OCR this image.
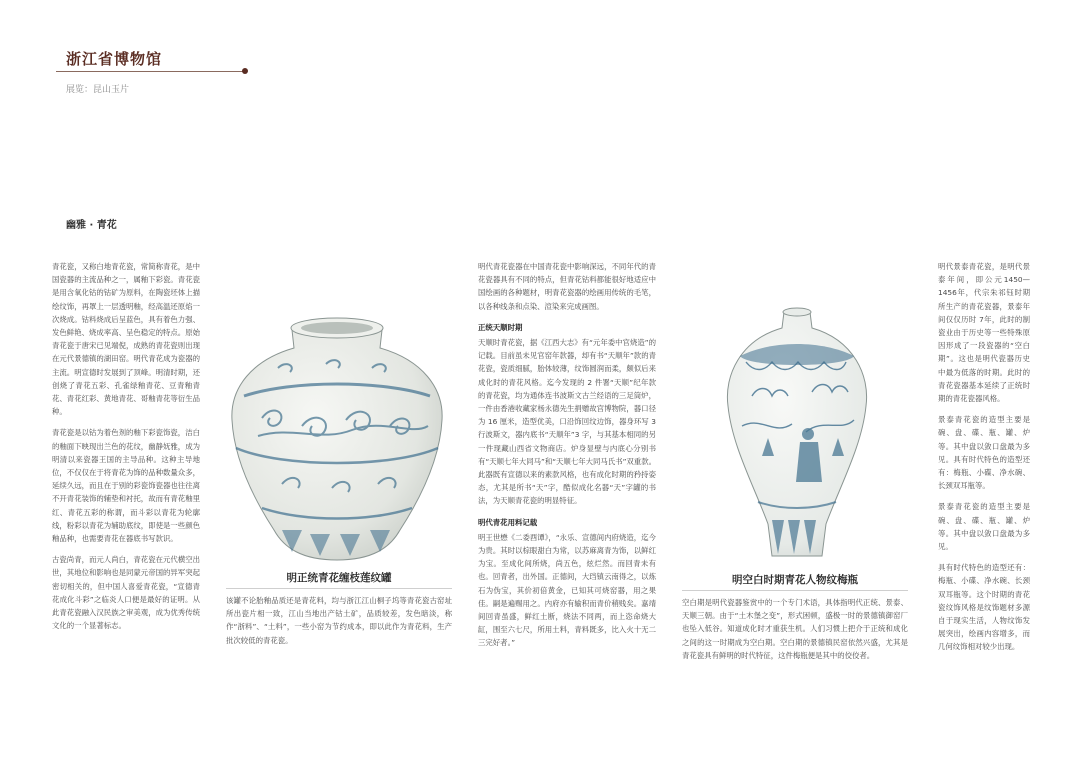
浙江省博物馆
展览：昆山玉片
幽雅 · 青花

青花瓷，又称白地青花瓷，常简称青花，是中国瓷器的主流品种之一，属釉下彩瓷。青花瓷是用含氧化钴的钴矿为原料，在陶瓷坯体上描绘纹饰，再罩上一层透明釉，经高温还原焰一次烧成。钴料烧成后呈蓝色，具有着色力强、发色鲜艳、烧成率高、呈色稳定的特点。原始青花瓷于唐宋已见端倪，成熟的青花瓷则出现在元代景德镇的湖田窑。明代青花成为瓷器的主流。明宣德时发展到了顶峰。明清时期，还创烧了青花五彩、孔雀绿釉青花、豆青釉青花、青花红彩、黄地青花、哥釉青花等衍生品种。

青花瓷是以钴为着色剂的釉下彩瓷饰瓷，洁白的釉面下映现出兰色的花纹，幽静妩雅，成为明清以来瓷器王国的主导品种。这种主导地位，不仅仅在于将青花为饰的品种数量众多，延续久远，而且在于别的彩瓷饰瓷器也往往离不开青花装饰的辅垫和衬托，故而有青花釉里红、青花五彩的称谓，而斗彩以青花为轮廓线，粉彩以青花为辅助底纹，即使是一些颜色釉品种，也需要青花在器底书写款识。

古瓷尚青，而元人尚白，青花瓷在元代横空出世，其地位和影响也是同蒙元帝国的异军突起密切相关的，但中国人喜爱青花瓷，“宣德青花成化斗彩”之临炎人口便是最好的证明。从此青花瓷融入汉民族之审美观，成为优秀传统文化的一个显著标志。

明正统青花缠枝莲纹罐
该罐不论胎釉品质还是青花料，均与浙江江山桐子坞等青花瓷古窑址所出瓷片相一致，江山当地出产钴土矿，品质较差，发色暗淡，称作“浙料”、“土料”，一些小窑为节约成本，即以此作为青花料，生产批次较低的青花瓷。

明代青花瓷器在中国青花瓷中影响深远，不同年代的青花瓷器具有不同的特点，但青花钴料都能很好地适应中国绘画的各种题材，明青花瓷器的绘画用传统的毛笔，以各种线条和点染、渲染来完成画图。

正统天顺时期

天顺时青花瓷，据《江西大志》有“元年委中官烧造”的记载。目前虽未见官窑年款器，却有书“天顺年”款的青花瓷，瓷质细腻，胎体较薄，纹饰圆润而柔，颇似后来成化时的青花风格。迄今发现的 2 件署“天顺”纪年款的青花瓷，均为通体连书波斯文古兰经语的三足筒炉，一件由香港收藏家杨永德先生捐赠故宫博物院，器口径为 16 厘米，造型优美，口沿饰回纹边饰，器身环写 3 行波斯文，器内底书“天顺年”3 字，与其基本相同的另一件现藏山西省文物商店。炉身显壁与内底心分别书有“天顺七年大同马”和“天顺七年大同马氏书”双重款。此器既有宣德以来的素款风格，也有成化时期的矜持姿态，尤其是所书“天”字，酷似成化名器“天”字罐的书法，为天顺青花瓷的明显特征。

明代青花用料记载

明王世懋《二委酉谭》，“永乐、宣德间内府烧造，迄今为贵。其时以棕眼甜白为常，以苏麻离青为饰，以鲜红为宝。至成化间所烧，尚五色，炫烂然。而回青未有也。回青者，出外国。正德间，大珰镇云南得之，以炼石为伪宝，其价初倍黄金，已知其可烧窑器，用之果佳。嗣是遍赐用之。内府亦有输积而青价稍贱矣。嘉靖间回青虽盛，鲜红土断，烧法不同两，而上恣命烧大缸，围至六七尺，所用土料，青料既多，比入火十无二三完好者。”

明空白时期青花人物纹梅瓶
空白期是明代瓷器鉴赏中的一个专门术语，具体指明代正统、景泰、天顺三朝。由于“土木堡之变”，形式困顿，盛极一时的景德镇御窑厂也坠入低谷。知道成化时才重获生机。人们习惯上把介于正统和成化之间的这一时期成为空白期。空白期的景德镇民窑依然兴盛，尤其是青花瓷具有鲜明的时代特征，这件梅瓶便是其中的佼佼者。

明代景泰青花瓷，是明代景泰年间，即公元1450—1456年，代宗朱祁钰时期所生产的青花瓷器，景泰年间仅仅历时 7年，此时的制瓷业由于历史等一些特殊原因形成了一段瓷器的“空白期”。这也是明代瓷器历史中最为低落的时期。此时的青花瓷器基本延续了正统时期的青花瓷器风格。

景泰青花瓷的造型主要是碗、盘、碟、瓶、罐、炉等。其中盘以敛口盘最为多见。具有时代特色的造型还有：梅瓶、小碟、净水碗、长颈双耳瓶等。

景泰青花瓷的造型主要是碗、盘、碟、瓶、罐、炉等。其中盘以敛口盘最为多见。

具有时代特色的造型还有：梅瓶、小碟、净水碗、长颈双耳瓶等。这个时期的青花瓷纹饰风格是纹饰题材多源自于现实生活，人物纹饰发展突出，绘画内容增多，而几何纹饰相对较少出现。
